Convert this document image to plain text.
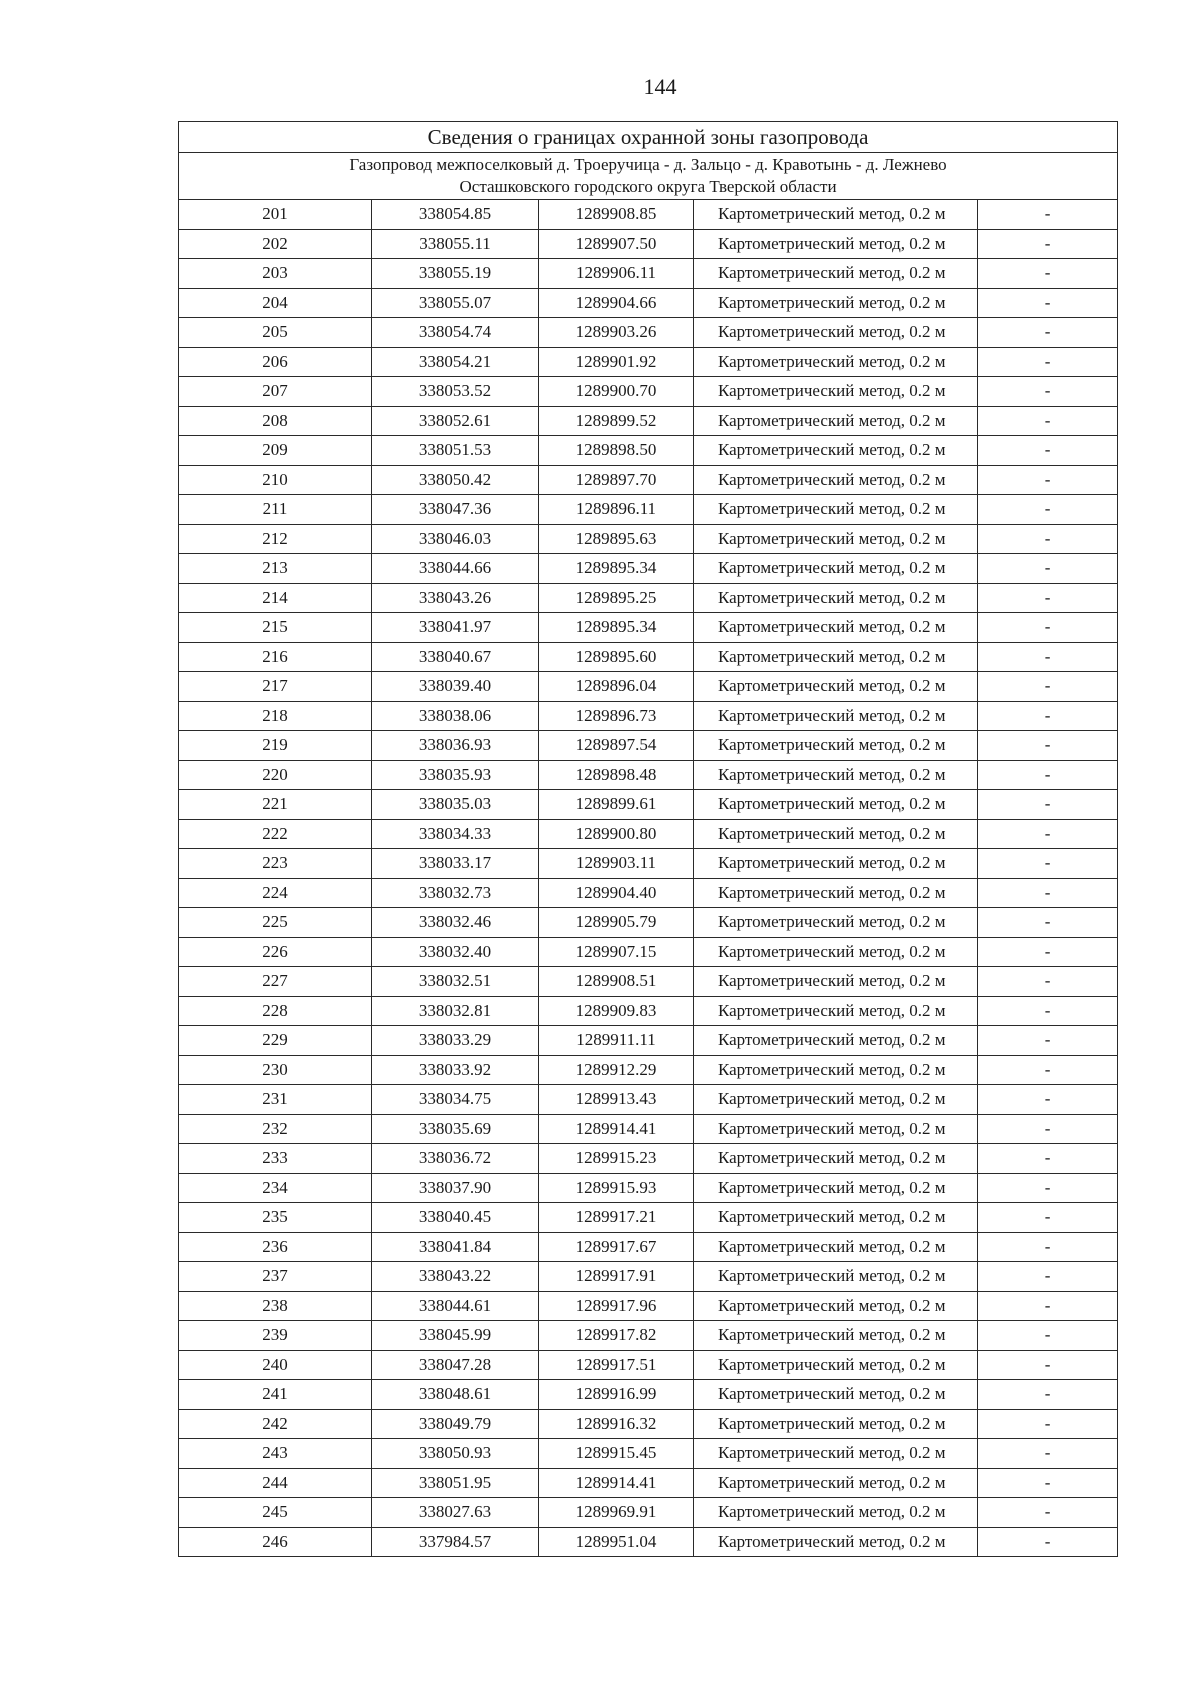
144
Сведения о границах охранной зоны газопровода				
Газопровод межпоселковый д. Троеручица - д. Зальцо - д. Кравотынь - д. Лежнево
Осташковского городского округа Тверской области				
201	338054.85	1289908.85	Картометрический метод, 0.2 м	-
202	338055.11	1289907.50	Картометрический метод, 0.2 м	-
203	338055.19	1289906.11	Картометрический метод, 0.2 м	-
204	338055.07	1289904.66	Картометрический метод, 0.2 м	-
205	338054.74	1289903.26	Картометрический метод, 0.2 м	-
206	338054.21	1289901.92	Картометрический метод, 0.2 м	-
207	338053.52	1289900.70	Картометрический метод, 0.2 м	-
208	338052.61	1289899.52	Картометрический метод, 0.2 м	-
209	338051.53	1289898.50	Картометрический метод, 0.2 м	-
210	338050.42	1289897.70	Картометрический метод, 0.2 м	-
211	338047.36	1289896.11	Картометрический метод, 0.2 м	-
212	338046.03	1289895.63	Картометрический метод, 0.2 м	-
213	338044.66	1289895.34	Картометрический метод, 0.2 м	-
214	338043.26	1289895.25	Картометрический метод, 0.2 м	-
215	338041.97	1289895.34	Картометрический метод, 0.2 м	-
216	338040.67	1289895.60	Картометрический метод, 0.2 м	-
217	338039.40	1289896.04	Картометрический метод, 0.2 м	-
218	338038.06	1289896.73	Картометрический метод, 0.2 м	-
219	338036.93	1289897.54	Картометрический метод, 0.2 м	-
220	338035.93	1289898.48	Картометрический метод, 0.2 м	-
221	338035.03	1289899.61	Картометрический метод, 0.2 м	-
222	338034.33	1289900.80	Картометрический метод, 0.2 м	-
223	338033.17	1289903.11	Картометрический метод, 0.2 м	-
224	338032.73	1289904.40	Картометрический метод, 0.2 м	-
225	338032.46	1289905.79	Картометрический метод, 0.2 м	-
226	338032.40	1289907.15	Картометрический метод, 0.2 м	-
227	338032.51	1289908.51	Картометрический метод, 0.2 м	-
228	338032.81	1289909.83	Картометрический метод, 0.2 м	-
229	338033.29	1289911.11	Картометрический метод, 0.2 м	-
230	338033.92	1289912.29	Картометрический метод, 0.2 м	-
231	338034.75	1289913.43	Картометрический метод, 0.2 м	-
232	338035.69	1289914.41	Картометрический метод, 0.2 м	-
233	338036.72	1289915.23	Картометрический метод, 0.2 м	-
234	338037.90	1289915.93	Картометрический метод, 0.2 м	-
235	338040.45	1289917.21	Картометрический метод, 0.2 м	-
236	338041.84	1289917.67	Картометрический метод, 0.2 м	-
237	338043.22	1289917.91	Картометрический метод, 0.2 м	-
238	338044.61	1289917.96	Картометрический метод, 0.2 м	-
239	338045.99	1289917.82	Картометрический метод, 0.2 м	-
240	338047.28	1289917.51	Картометрический метод, 0.2 м	-
241	338048.61	1289916.99	Картометрический метод, 0.2 м	-
242	338049.79	1289916.32	Картометрический метод, 0.2 м	-
243	338050.93	1289915.45	Картометрический метод, 0.2 м	-
244	338051.95	1289914.41	Картометрический метод, 0.2 м	-
245	338027.63	1289969.91	Картометрический метод, 0.2 м	-
246	337984.57	1289951.04	Картометрический метод, 0.2 м	-
